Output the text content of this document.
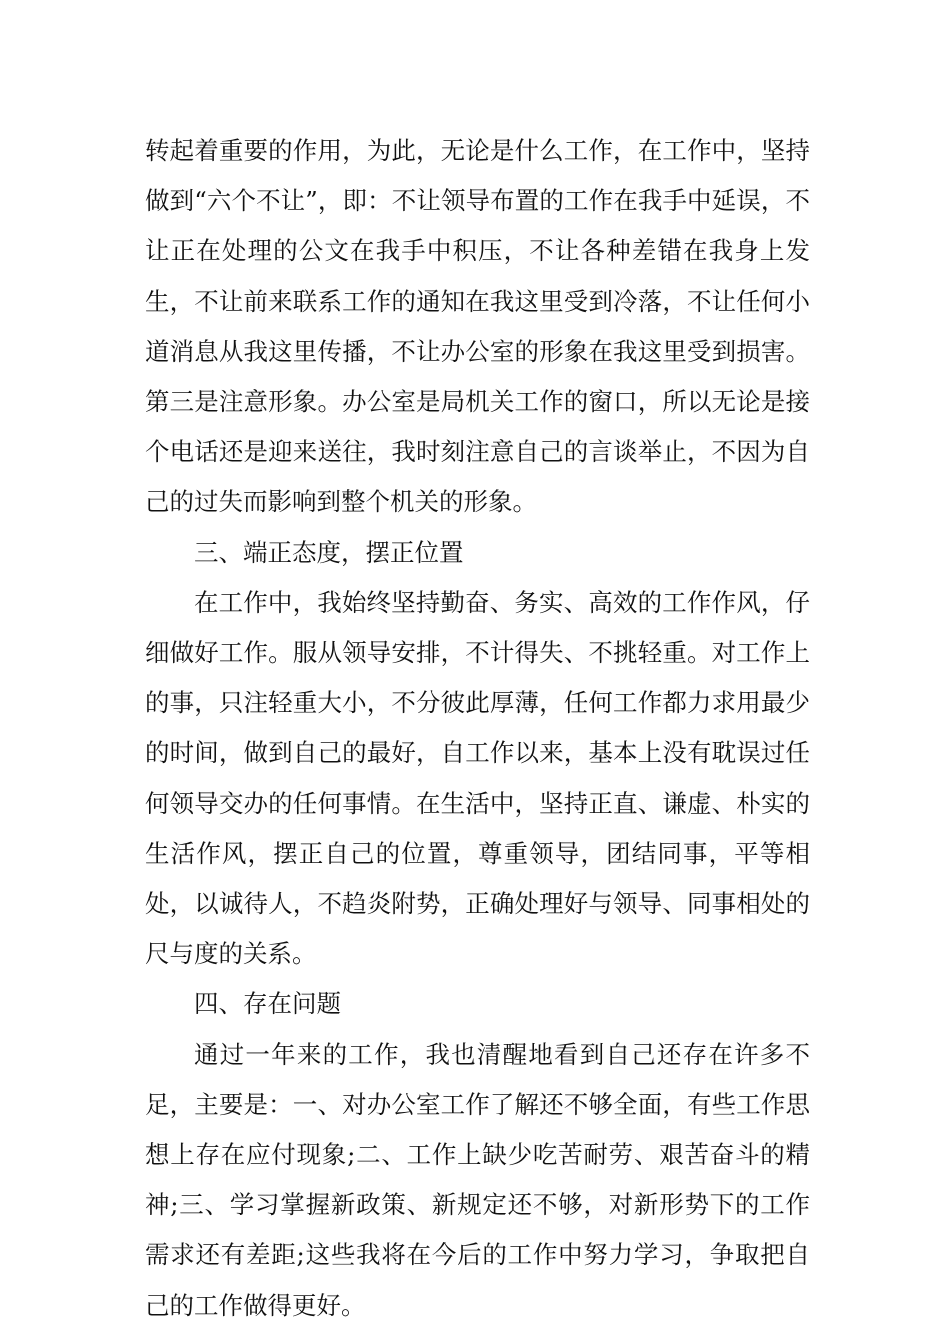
转起着重要的作用，为此，无论是什么工作，在工作中，坚持做到“六个不让”，即：不让领导布置的工作在我手中延误，不让正在处理的公文在我手中积压，不让各种差错在我身上发生，不让前来联系工作的通知在我这里受到冷落，不让任何小道消息从我这里传播，不让办公室的形象在我这里受到损害。第三是注意形象。办公室是局机关工作的窗口，所以无论是接个电话还是迎来送往，我时刻注意自己的言谈举止，不因为自己的过失而影响到整个机关的形象。

三、端正态度，摆正位置

在工作中，我始终坚持勤奋、务实、高效的工作作风，仔细做好工作。服从领导安排，不计得失、不挑轻重。对工作上的事，只注轻重大小，不分彼此厚薄，任何工作都力求用最少的时间，做到自己的最好，自工作以来，基本上没有耽误过任何领导交办的任何事情。在生活中，坚持正直、谦虚、朴实的生活作风，摆正自己的位置，尊重领导，团结同事，平等相处，以诚待人，不趋炎附势，正确处理好与领导、同事相处的尺与度的关系。

四、存在问题

通过一年来的工作，我也清醒地看到自己还存在许多不足，主要是：一、对办公室工作了解还不够全面，有些工作思想上存在应付现象;二、工作上缺少吃苦耐劳、艰苦奋斗的精神;三、学习掌握新政策、新规定还不够，对新形势下的工作需求还有差距;这些我将在今后的工作中努力学习，争取把自己的工作做得更好。
